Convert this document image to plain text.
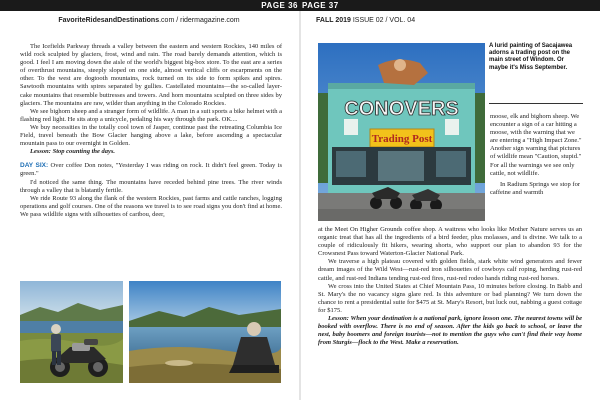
PAGE 36 PAGE 37
FavoriteRidesandDestinations.com / ridermagazine.com	FALL 2019 ISSUE 02 / VOL. 04

The Icefields Parkway threads a valley between the eastern and western Rockies, 140 miles of wild rock sculpted by glaciers, frost, wind and rain. The road barely demands attention, which is good. I feel I am moving down the aisle of the world's biggest big-box store. To the east are a series of overthrust mountains, steeply sloped on one side, almost vertical cliffs or escarpments on the other. To the west are dogtooth mountains, rock turned on its side to form spikes and spires. Sawtooth mountains with spires separated by gullies. Castellated mountains—the so-called layer-cake mountains that resemble buttresses and towers. And horn mountains sculpted on three sides by glaciers. The mountains are raw, wilder than anything in the Colorado Rockies.

We see bighorn sheep and a stranger form of wildlife. A man in a suit sports a bike helmet with a flashing red light. He sits atop a unicycle, pedaling his way through the park. OK....

We buy necessities in the totally cool town of Jasper, continue past the retreating Columbia Ice Field, travel beneath the Bow Glacier hanging above a lake, before ascending a spectacular mountain pass to our overnight in Golden.

Lesson: Stop counting the days.

DAY SIX: Over coffee Don notes, "Yesterday I was riding on rock. It didn't feel green. Today is green."

I'd noticed the same thing. The mountains have receded behind pine trees. The river winds through a valley that is blatantly fertile.

We ride Route 93 along the flank of the western Rockies, past farms and cattle ranches, logging operations and golf courses. One of the reasons we travel is to see road signs you don't find at home. We pass wildlife signs with silhouettes of caribou, deer,

CONOVERS
Trading Post
A lurid painting of Sacajawea adorns a trading post on the main street of Windom. Or maybe it's Miss September.

moose, elk and bighorn sheep. We encounter a sign of a car hitting a moose, with the warning that we are entering a "High Impact Zone." Another sign warning that pictures of wildlife mean "Caution, stupid." For all the warnings we see only cattle, not wildlife.

In Radium Springs we stop for caffeine and warmth

at the Meet On Higher Grounds coffee shop. A waitress who looks like Mother Nature serves us an organic treat that has all the ingredients of a bird feeder, plus molasses, and is divine. We talk to a couple of ridiculously fit hikers, wearing shorts, who support our plan to abandon 93 for the Crowsnest Pass toward Waterton-Glacier National Park.

We traverse a high plateau covered with golden fields, stark white wind generators and fewer dream images of the Wild West—rust-red iron silhouettes of cowboys calf roping, herding rust-red cattle, and rust-red Indians tending rust-red fires, rust-red rodeo hands riding rust-red horses.

We cross into the United States at Chief Mountain Pass, 10 minutes before closing. In Babb and St. Mary's the no vacancy signs glare red. Is this adventure or bad planning? We turn down the chance to rent a presidential suite for $475 at St. Mary's Resort, but luck out, nabbing a guest cottage for $175.

Lesson: When your destination is a national park, ignore lesson one. The nearest towns will be booked with overflow. There is no end of season. After the kids go back to school, or leave the nest, baby boomers and foreign tourists—not to mention the guys who can't find their way home from Sturgis—flock to the West. Make a reservation.
